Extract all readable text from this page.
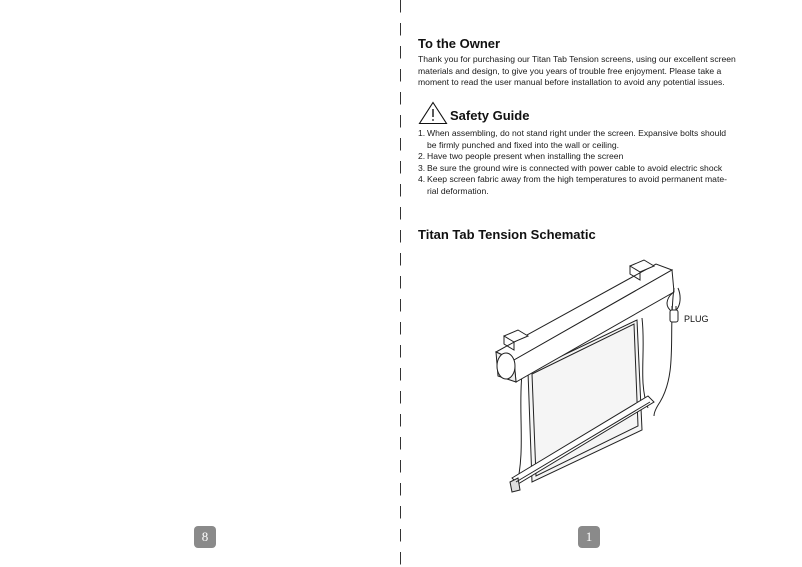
8
To the Owner
Thank you for purchasing our Titan Tab Tension screens, using our excellent screen
materials and design, to give you years of trouble free enjoyment. Please take a
moment to read the user manual before installation to avoid any potential issues.
Safety Guide
1. When assembling, do not stand right under the screen. Expansive bolts should
be firmly punched and fixed into the wall or ceiling.
2. Have two people present when installing the screen
3. Be sure the ground wire is connected with power cable to avoid electric shock
4. Keep screen fabric away from the high temperatures to avoid permanent mate-
rial deformation.
Titan Tab Tension Schematic
PLUG
1
